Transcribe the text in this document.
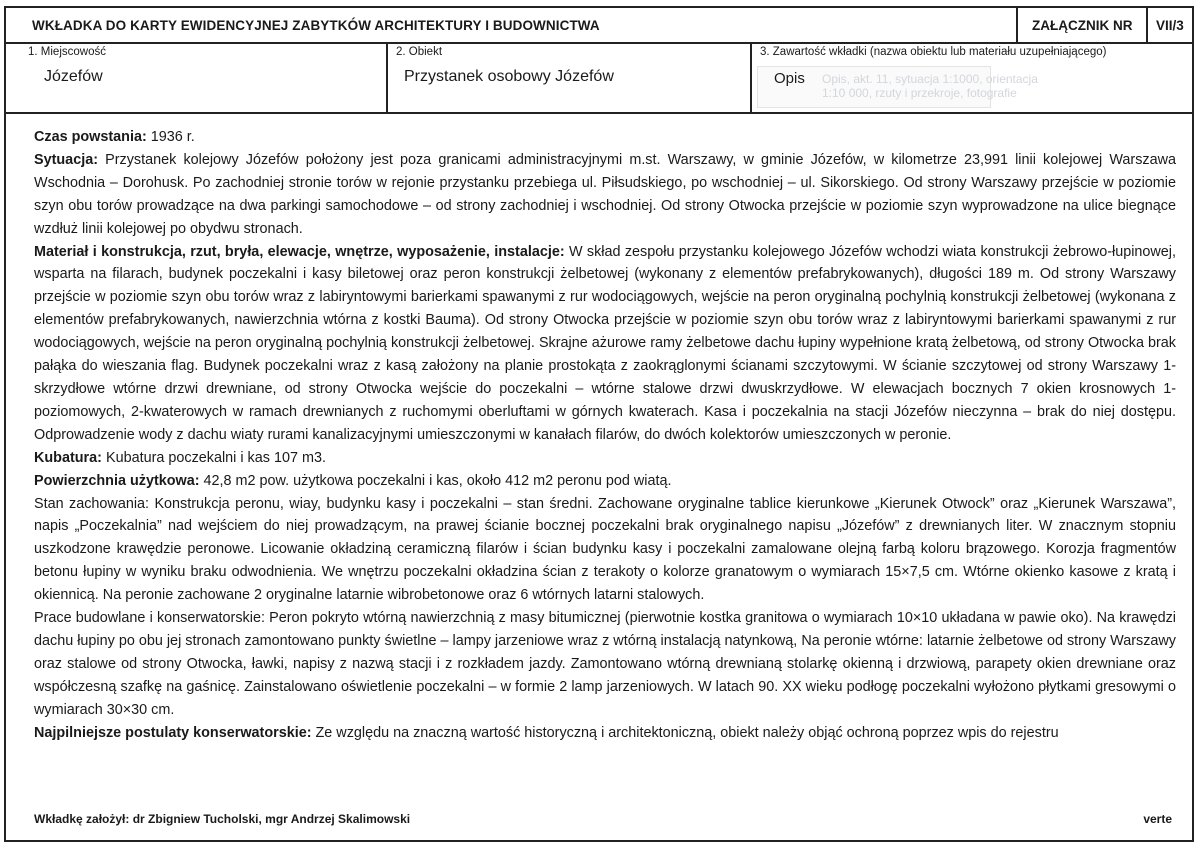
WKŁADKA DO KARTY EWIDENCYJNEJ ZABYTKÓW ARCHITEKTURY I BUDOWNICTWA	ZAŁĄCZNIK NR	VII/3
1. Miejscowość
Józefów
2. Obiekt
Przystanek osobowy Józefów
3. Zawartość wkładki (nazwa obiektu lub materiału uzupełniającego)
Opis, akt. 11, sytuacja 1:1000, orientacja 1:10 000, rzuty i przekroje, fotografie
Opis

Czas powstania: 1936 r.

Sytuacja: Przystanek kolejowy Józefów położony jest poza granicami administracyjnymi m.st. Warszawy, w gminie Józefów, w kilometrze 23,991 linii kolejowej Warszawa Wschodnia – Dorohusk. Po zachodniej stronie torów w rejonie przystanku przebiega ul. Piłsudskiego, po wschodniej – ul. Sikorskiego. Od strony Warszawy przejście w poziomie szyn obu torów prowadzące na dwa parkingi samochodowe – od strony zachodniej i wschodniej. Od strony Otwocka przejście w poziomie szyn wyprowadzone na ulice biegnące wzdłuż linii kolejowej po obydwu stronach.

Materiał i konstrukcja, rzut, bryła, elewacje, wnętrze, wyposażenie, instalacje: W skład zespołu przystanku kolejowego Józefów wchodzi wiata konstrukcji żebrowo-łupinowej, wsparta na filarach, budynek poczekalni i kasy biletowej oraz peron konstrukcji żelbetowej (wykonany z elementów prefabrykowanych), długości 189 m. Od strony Warszawy przejście w poziomie szyn obu torów wraz z labiryntowymi barierkami spawanymi z rur wodociągowych, wejście na peron oryginalną pochylnią konstrukcji żelbetowej (wykonana z elementów prefabrykowanych, nawierzchnia wtórna z kostki Bauma). Od strony Otwocka przejście w poziomie szyn obu torów wraz z labiryntowymi barierkami spawanymi z rur wodociągowych, wejście na peron oryginalną pochylnią konstrukcji żelbetowej. Skrajne ażurowe ramy żelbetowe dachu łupiny wypełnione kratą żelbetową, od strony Otwocka brak pałąka do wieszania flag. Budynek poczekalni wraz z kasą założony na planie prostokąta z zaokrąglonymi ścianami szczytowymi. W ścianie szczytowej od strony Warszawy 1-skrzydłowe wtórne drzwi drewniane, od strony Otwocka wejście do poczekalni – wtórne stalowe drzwi dwuskrzydłowe. W elewacjach bocznych 7 okien krosnowych 1-poziomowych, 2-kwaterowych w ramach drewnianych z ruchomymi oberluftami w górnych kwaterach. Kasa i poczekalnia na stacji Józefów nieczynna – brak do niej dostępu. Odprowadzenie wody z dachu wiaty rurami kanalizacyjnymi umieszczonymi w kanałach filarów, do dwóch kolektorów umieszczonych w peronie.

Kubatura: Kubatura poczekalni i kas 107 m3.

Powierzchnia użytkowa: 42,8 m2 pow. użytkowa poczekalni i kas, około 412 m2 peronu pod wiatą.

Stan zachowania: Konstrukcja peronu, wiay, budynku kasy i poczekalni – stan średni. Zachowane oryginalne tablice kierunkowe „Kierunek Otwock” oraz „Kierunek Warszawa”, napis „Poczekalnia” nad wejściem do niej prowadzącym, na prawej ścianie bocznej poczekalni brak oryginalnego napisu „Józefów” z drewnianych liter. W znacznym stopniu uszkodzone krawędzie peronowe. Licowanie okładziną ceramiczną filarów i ścian budynku kasy i poczekalni zamalowane olejną farbą koloru brązowego. Korozja fragmentów betonu łupiny w wyniku braku odwodnienia. We wnętrzu poczekalni okładzina ścian z terakoty o kolorze granatowym o wymiarach 15×7,5 cm. Wtórne okienko kasowe z kratą i okiennicą. Na peronie zachowane 2 oryginalne latarnie wibrobetonowe oraz 6 wtórnych latarni stalowych.

Prace budowlane i konserwatorskie: Peron pokryto wtórną nawierzchnią z masy bitumicznej (pierwotnie kostka granitowa o wymiarach 10×10 układana w pawie oko). Na krawędzi dachu łupiny po obu jej stronach zamontowano punkty świetlne – lampy jarzeniowe wraz z wtórną instalacją natynkową, Na peronie wtórne: latarnie żelbetowe od strony Warszawy oraz stalowe od strony Otwocka, ławki, napisy z nazwą stacji i z rozkładem jazdy. Zamontowano wtórną drewnianą stolarkę okienną i drzwiową, parapety okien drewniane oraz współczesną szafkę na gaśnicę. Zainstalowano oświetlenie poczekalni – w formie 2 lamp jarzeniowych. W latach 90. XX wieku podłogę poczekalni wyłożono płytkami gresowymi o wymiarach 30×30 cm.

Najpilniejsze postulaty konserwatorskie: Ze względu na znaczną wartość historyczną i architektoniczną, obiekt należy objąć ochroną poprzez wpis do rejestru

Wkładkę założył: dr Zbigniew Tucholski, mgr Andrzej Skalimowski	verte
